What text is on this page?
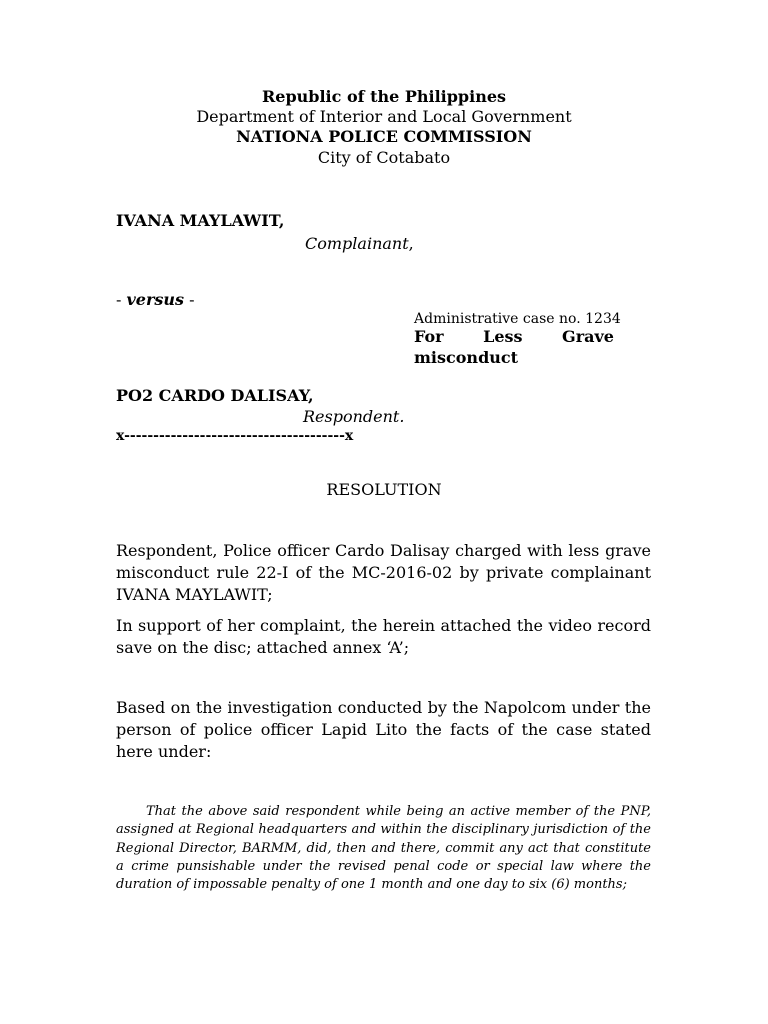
Republic of the Philippines
Department of Interior and Local Government
NATIONA POLICE COMMISSION
City of Cotabato
IVANA MAYLAWIT,
Complainant,
- versus -
Administrative case no. 1234
For Less Grave
misconduct
PO2 CARDO DALISAY,
Respondent.
x--------------------------------------x
RESOLUTION

Respondent, Police officer Cardo Dalisay charged with less grave misconduct rule 22-I of the MC-2016-02 by private complainant IVANA MAYLAWIT;

In support of her complaint, the herein attached the video record save on the disc; attached annex ‘A’;

Based on the investigation conducted by the Napolcom under the person of police officer Lapid Lito the facts of the case stated here under:

That the above said respondent while being an active member of the PNP, assigned at Regional headquarters and within the disciplinary jurisdiction of the Regional Director, BARMM, did, then and there, commit any act that constitute a crime punsishable under the revised penal code or special law where the duration of impossable penalty of one 1 month and one day to six (6) months;
